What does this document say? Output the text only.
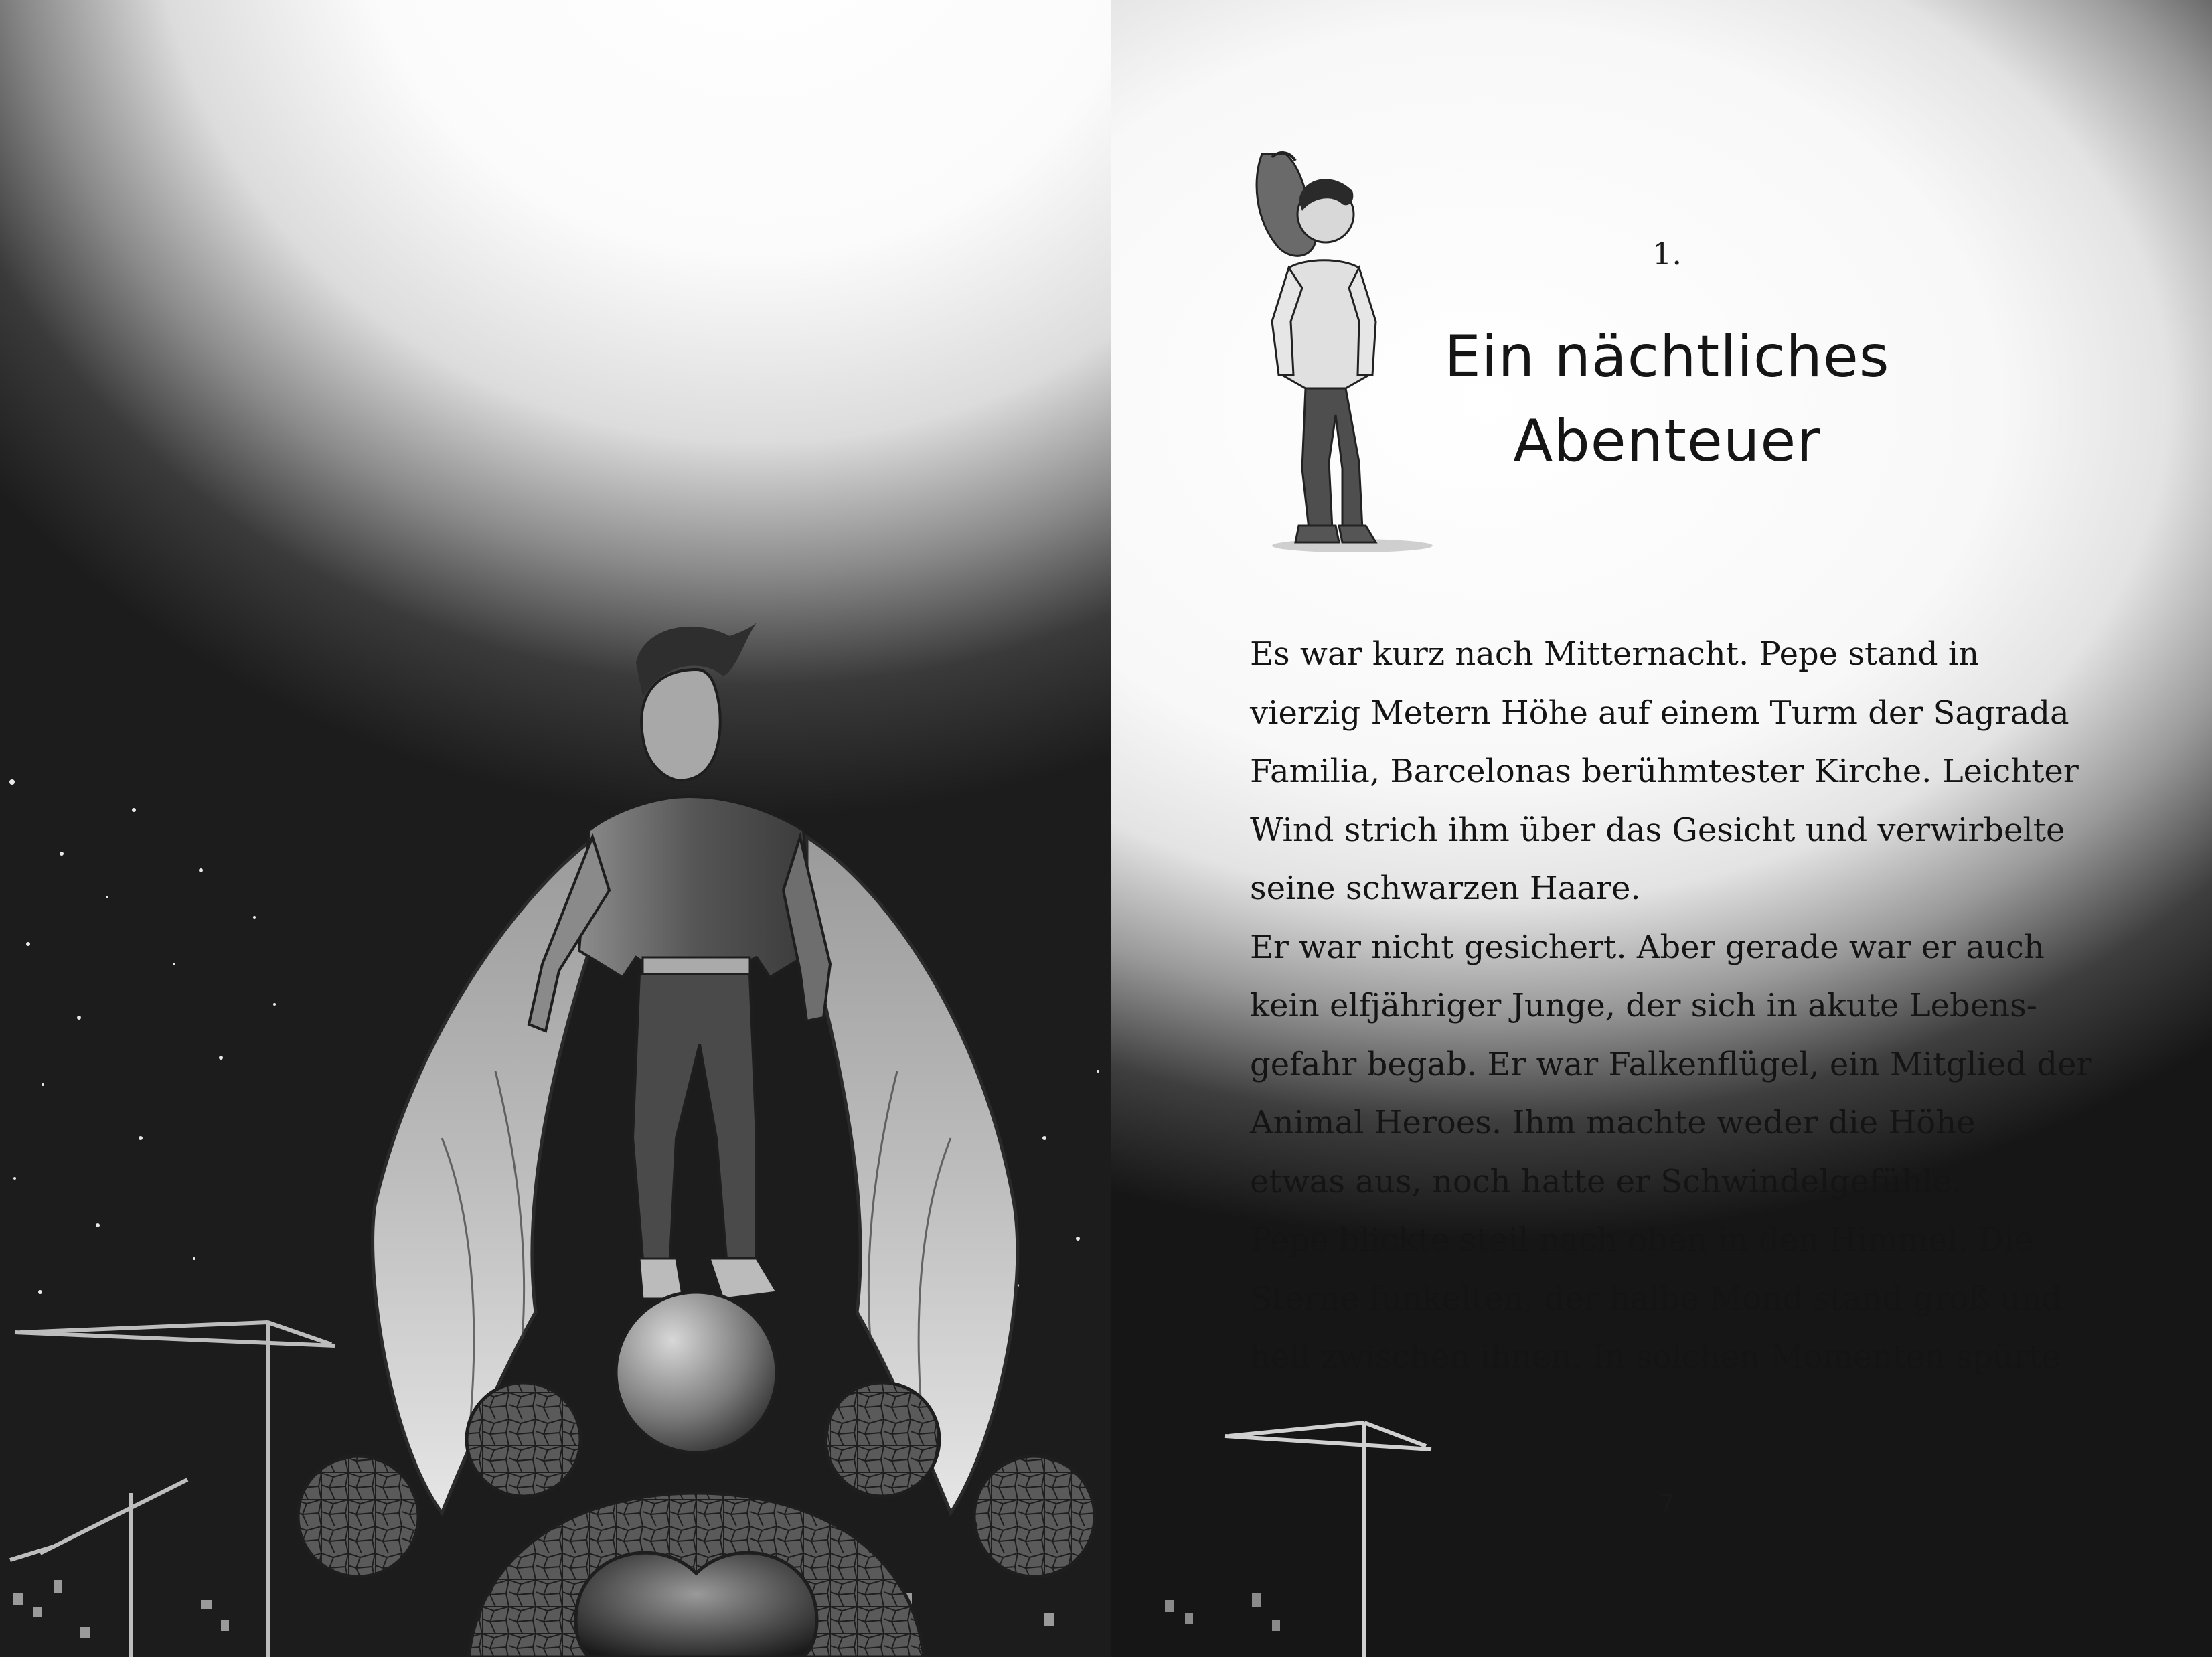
1.
Ein nächtliches
Abenteuer
Es war kurz nach Mitternacht. Pepe stand in
vierzig Metern Höhe auf einem Turm der Sagrada
Familia, Barcelonas berühmtester Kirche. Leichter
Wind strich ihm über das Gesicht und verwirbelte
seine schwarzen Haare.
Er war nicht gesichert. Aber gerade war er auch
kein elfjähriger Junge, der sich in akute Lebens-
gefahr begab. Er war Falkenflügel, ein Mitglied der
Animal Heroes. Ihm machte weder die Höhe
etwas aus, noch hatte er Schwindelgefühle.
Pepe blickte steil nach oben in den Himmel. Die
Sterne funkelten, der halbe Mond stand groß und
hell zwischen ihnen. In solchen Momenten spürte
7
